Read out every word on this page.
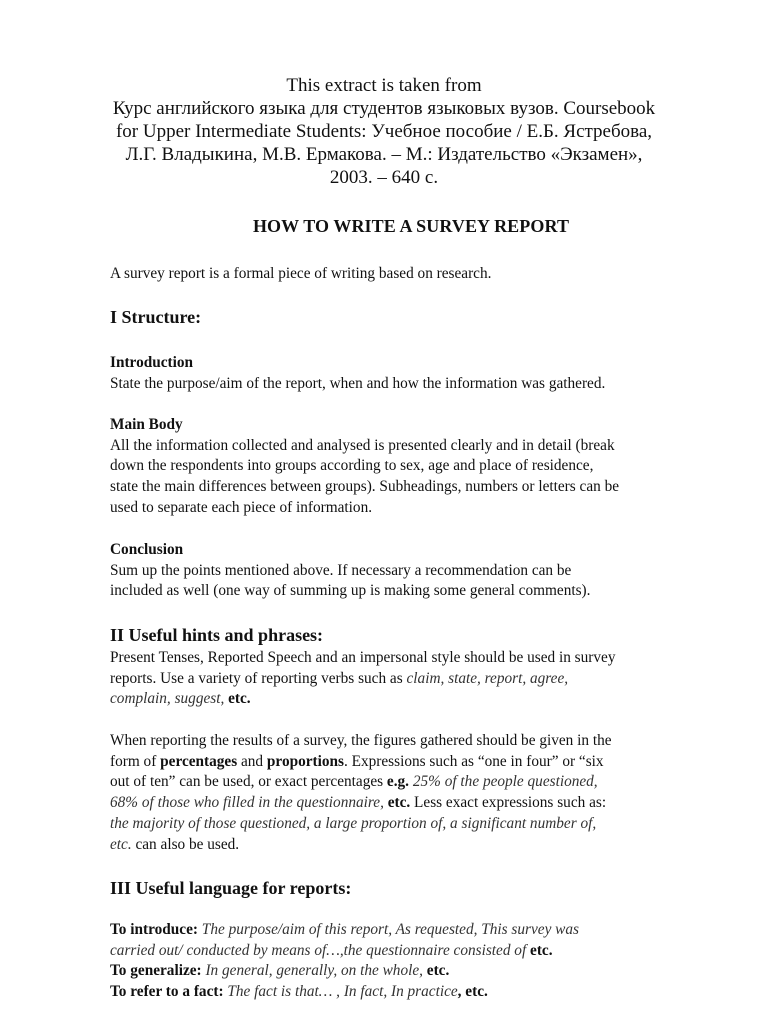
This extract is taken from
Курс английского языка для студентов языковых вузов. Coursebook
for Upper Intermediate Students: Учебное пособие / Е.Б. Ястребова,
Л.Г. Владыкина, М.В. Ермакова. – М.: Издательство «Экзамен»,
2003. – 640 с.
HOW TO WRITE A SURVEY REPORT
A survey report is a formal piece of writing based on research.
I Structure:
Introduction
State the purpose/aim of the report, when and how the information was gathered.
Main Body
All the information collected and analysed is presented clearly and in detail (break
down the respondents into groups according to sex, age and place of residence,
state the main differences between groups). Subheadings, numbers or letters can be
used to separate each piece of information.
Conclusion
Sum up the points mentioned above. If necessary a recommendation can be
included as well (one way of summing up is making some general comments).
II Useful hints and phrases:
Present Tenses, Reported Speech and an impersonal style should be used in survey
reports. Use a variety of reporting verbs such as claim, state, report, agree,
complain, suggest, etc.
When reporting the results of a survey, the figures gathered should be given in the
form of percentages and proportions. Expressions such as “one in four” or “six
out of ten” can be used, or exact percentages e.g. 25% of the people questioned,
68% of those who filled in the questionnaire, etc. Less exact expressions such as:
the majority of those questioned, a large proportion of, a significant number of,
etc. can also be used.
III Useful language for reports:
To introduce: The purpose/aim of this report, As requested, This survey was
carried out/ conducted by means of…,the questionnaire consisted of etc.
To generalize: In general, generally, on the whole, etc.
To refer to a fact: The fact is that… , In fact, In practice, etc.
